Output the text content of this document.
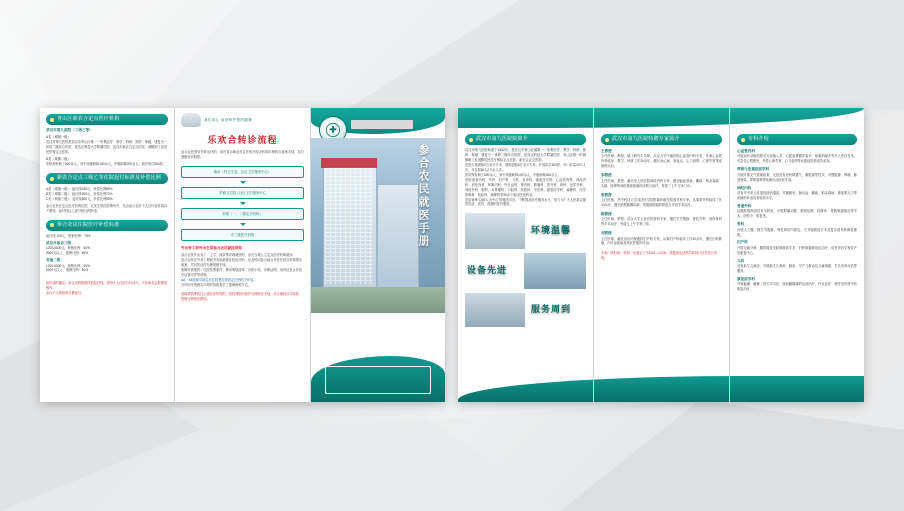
青山区新农合定点医疗机构
武汉市第九医院（三级乙等）
A类（城镇一级）
武汉市第九医院是武汉市青山区唯一一所集医疗、教学、科研、预防、保健、康复为一体的三级综合医院，是武汉科技大学附属医院、武汉市新农合定点医院、城镇职工及居民医保定点医院。
B类（城镇二级）
医院现有职工600余人，其中高级职称100余人，中级职称200余人，展开床位500张。
新农合定点三级乙等住院起付标准及补偿比例
A类（城镇一级）：起付线150元，补偿比例85%
B类（城镇二级）：起付线300元，补偿比例70%
C类（城镇三级）：起付线500元，补偿比例55%
参合农民在定点医疗机构住院，在发生的医药费用中，先由参合农民个人自付起付线以下费用，起付线以上部分按比例补偿。
参合农民住院医疗补偿标准
起付线 100元，报销比例：75%
武汉市参合三级：
1200-5000元，报销比例：60%
5000元以上，报销比例：65%
其他二级：
1200-5000元，报销比例：55%
5000元以上，报销比例：50%
起付线的确定：参合住院报销时的起付线，即每个人住院自付部分，不在新农合报销范围内。
参合个人承担的自费部分。
我们用心 用爱呵护您的健康
乐欢合转诊流程
参合农民需转外院治疗的，须在参合地农村合作医疗经办机构办理转诊备案手续，实行逐级转诊制度。
就诊（村卫生室、社区卫生服务中心）
乡镇卫生院 / 社区卫生服务中心
市级（一、二级定点机构）
市三级医疗机构
外出务工和外出生活参合农民就医须知
参合农民外出务工、上学、探亲等异地就医的，应在当地公立定点医疗机构就诊。
参合农民在外务工期间突发疾病需住院治疗的，应及时向参合地合作医疗经办机构报告备案，凭有效证件办理报销手续。
报销时需提供：住院发票原件、费用明细清单、出院小结、诊断证明、身份证及合作医疗证复印件等材料。
AA、AB类和异地急诊住院费用按规定比例给予补偿。
合作医疗报销实行即时结报和手工报销两种方式。
因病情需要转往上级医疗机构的，须经我院同意并办理转诊手续，未办理转诊手续的，报销比例相应降低。
参合农民就医手册
武汉市第九医院院简介
武汉市第九医院始建于1952年，是武汉市青山区属唯一一所集医疗、教学、科研、预防、保健、康复于一体的三级综合医院，是武汉科技大学附属医院、青山区唯一的城镇职工及城镇居民医疗保险定点医院、新农合定点医院。
医院占地面积5万余平方米，建筑面积6万余平方米，开放床位500张，年门诊量40万人次，年住院病人2万余人次。
医院现有职工800余人，其中高级职称120余人，中级职称260余人。
医院设有内科、外科、妇产科、儿科、急诊科、重症医学科、心血管内科、神经内科、消化内科、呼吸内科、内分泌科、肾内科、肿瘤科、普外科、骨科、泌尿外科、神经外科、眼科、耳鼻喉科、口腔科、皮肤科、中医科、康复医学科、麻醉科、医学影像科、检验科、病理科等30余个临床医技科室。
医院秉承“以病人为中心”的服务宗旨，不断提高医疗服务水平，努力为广大人民群众提供优质、高效、便捷的医疗服务。
环境温馨
设备先进
服务周到
武汉市第九医院特聘专家简介
王教授
主任医师，教授，硕士研究生导师，武汉大学中南医院心血管内科专家，从事心血管内科临床、教学、科研工作30余年，擅长冠心病、高血压、心力衰竭、心律失常等疾病的诊治。
李教授
主任医师，教授，湖北省人民医院神经内科专家，擅长脑血管病、癫痫、帕金森病、头痛、眩晕等神经系统疾病的诊断与治疗，每周三上午专家门诊。
张教授
主任医师，华中科技大学同济医学院附属协和医院普外科专家，从事普外科临床工作30余年，擅长肝胆胰脾疾病、胃肠道肿瘤的微创与开放手术治疗。
陈教授
主任医师，教授，武汉大学人民医院骨科专家，擅长关节置换、脊柱外科、创伤骨科等手术治疗，每周五上午专家门诊。
刘教授
主任医师，湖北省妇幼保健院妇产科专家，从事妇产科临床工作30余年，擅长妇科肿瘤、内分泌疾病及高危妊娠的诊治。
专家门诊时间：每周一至周五上午8:00—12:00，请提前电话预约或到门诊导医台咨询。
专科介绍
心血管内科
开展冠状动脉造影及支架植入术、心脏起搏器安装术、射频消融术等介入诊疗技术，对急性心肌梗死、恶性心律失常、心力衰竭等危重症抢救成功率高。
呼吸与危重症医学科
开展纤维支气管镜检查、无创及有创机械通气、胸腔镜等技术，对慢阻肺、哮喘、肺部感染、呼吸衰竭等疾病诊治经验丰富。
神经内科
设有卒中单元及溶栓绿色通道，对脑梗死、脑出血、癫痫、帕金森病、重症肌无力等疾病的诊治具有较高水平。
普通外科
以腹腔镜微创技术为特色，开展胆囊切除、阑尾切除、疝修补、胃肠肿瘤根治等手术，创伤小、恢复快。
骨科
开展人工髋、膝关节置换，脊柱骨折内固定，关节镜微创手术及复杂创伤的修复重建。
妇产科
开展无痛分娩、腹腔镜及宫腔镜微创手术、妇科肿瘤规范化治疗，设有孕妇学校及产后康复中心。
儿科
设有新生儿病房，开展新生儿黄疸、肺炎、早产儿救治及儿童保健、生长发育评估等服务。
康复医学科
开展偏瘫、截瘫、骨关节术后、颈肩腰腿痛的运动治疗、作业治疗、理疗及传统中医康复治疗。
